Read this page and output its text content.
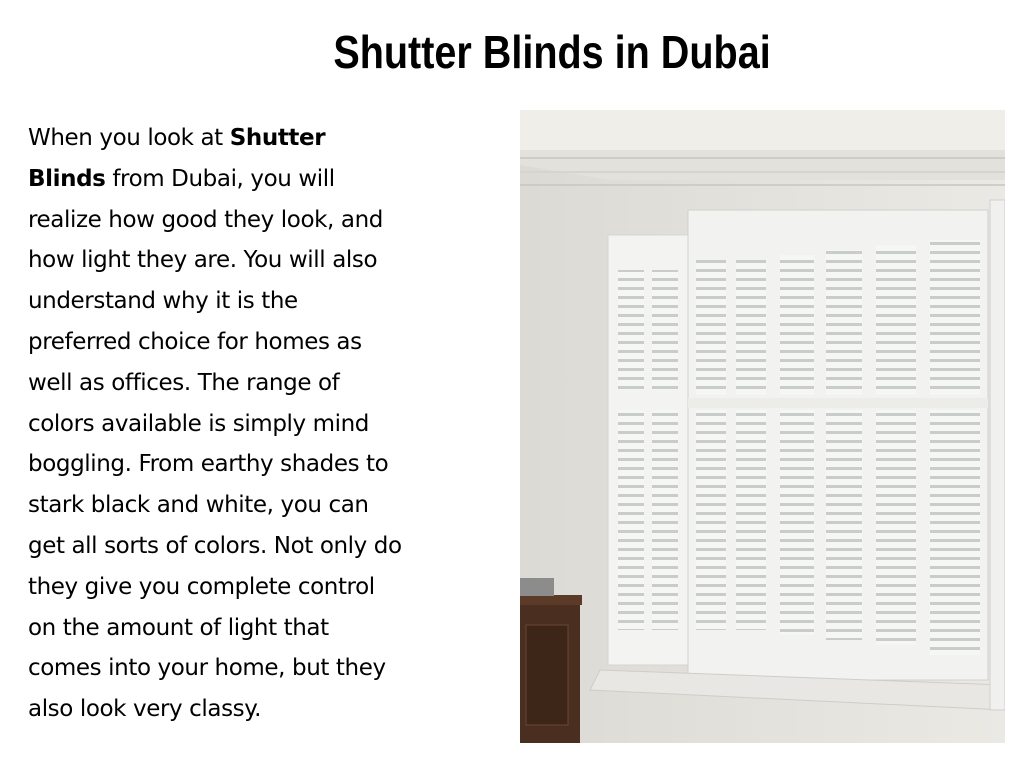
Shutter Blinds in Dubai
When you look at Shutter
Blinds from Dubai, you will
realize how good they look, and
how light they are. You will also
understand why it is the
preferred choice for homes as
well as offices. The range of
colors available is simply mind
boggling. From earthy shades to
stark black and white, you can
get all sorts of colors. Not only do
they give you complete control
on the amount of light that
comes into your home, but they
also look very classy.
